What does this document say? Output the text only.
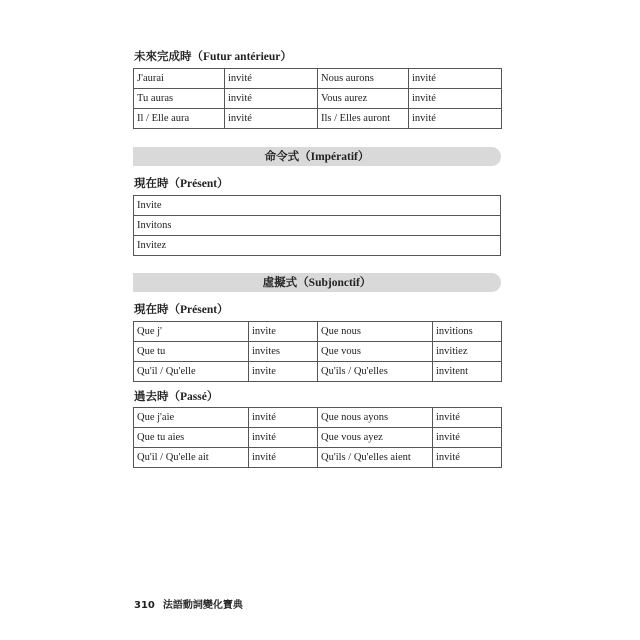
未來完成時（Futur antérieur）
J'aurai	invité	Nous aurons	invité
Tu auras	invité	Vous aurez	invité
Il / Elle aura	invité	Ils / Elles auront	invité
命令式（Impératif）
現在時（Présent）
Invite
Invitons
Invitez
虛擬式（Subjonctif）
現在時（Présent）
Que j'	invite	Que nous	invitions
Que tu	invites	Que vous	invitiez
Qu'il / Qu'elle	invite	Qu'ils / Qu'elles	invitent
過去時（Passé）
Que j'aie	invité	Que nous ayons	invité
Que tu aies	invité	Que vous ayez	invité
Qu'il / Qu'elle ait	invité	Qu'ils / Qu'elles aient	invité
310 法語動詞變化寶典
